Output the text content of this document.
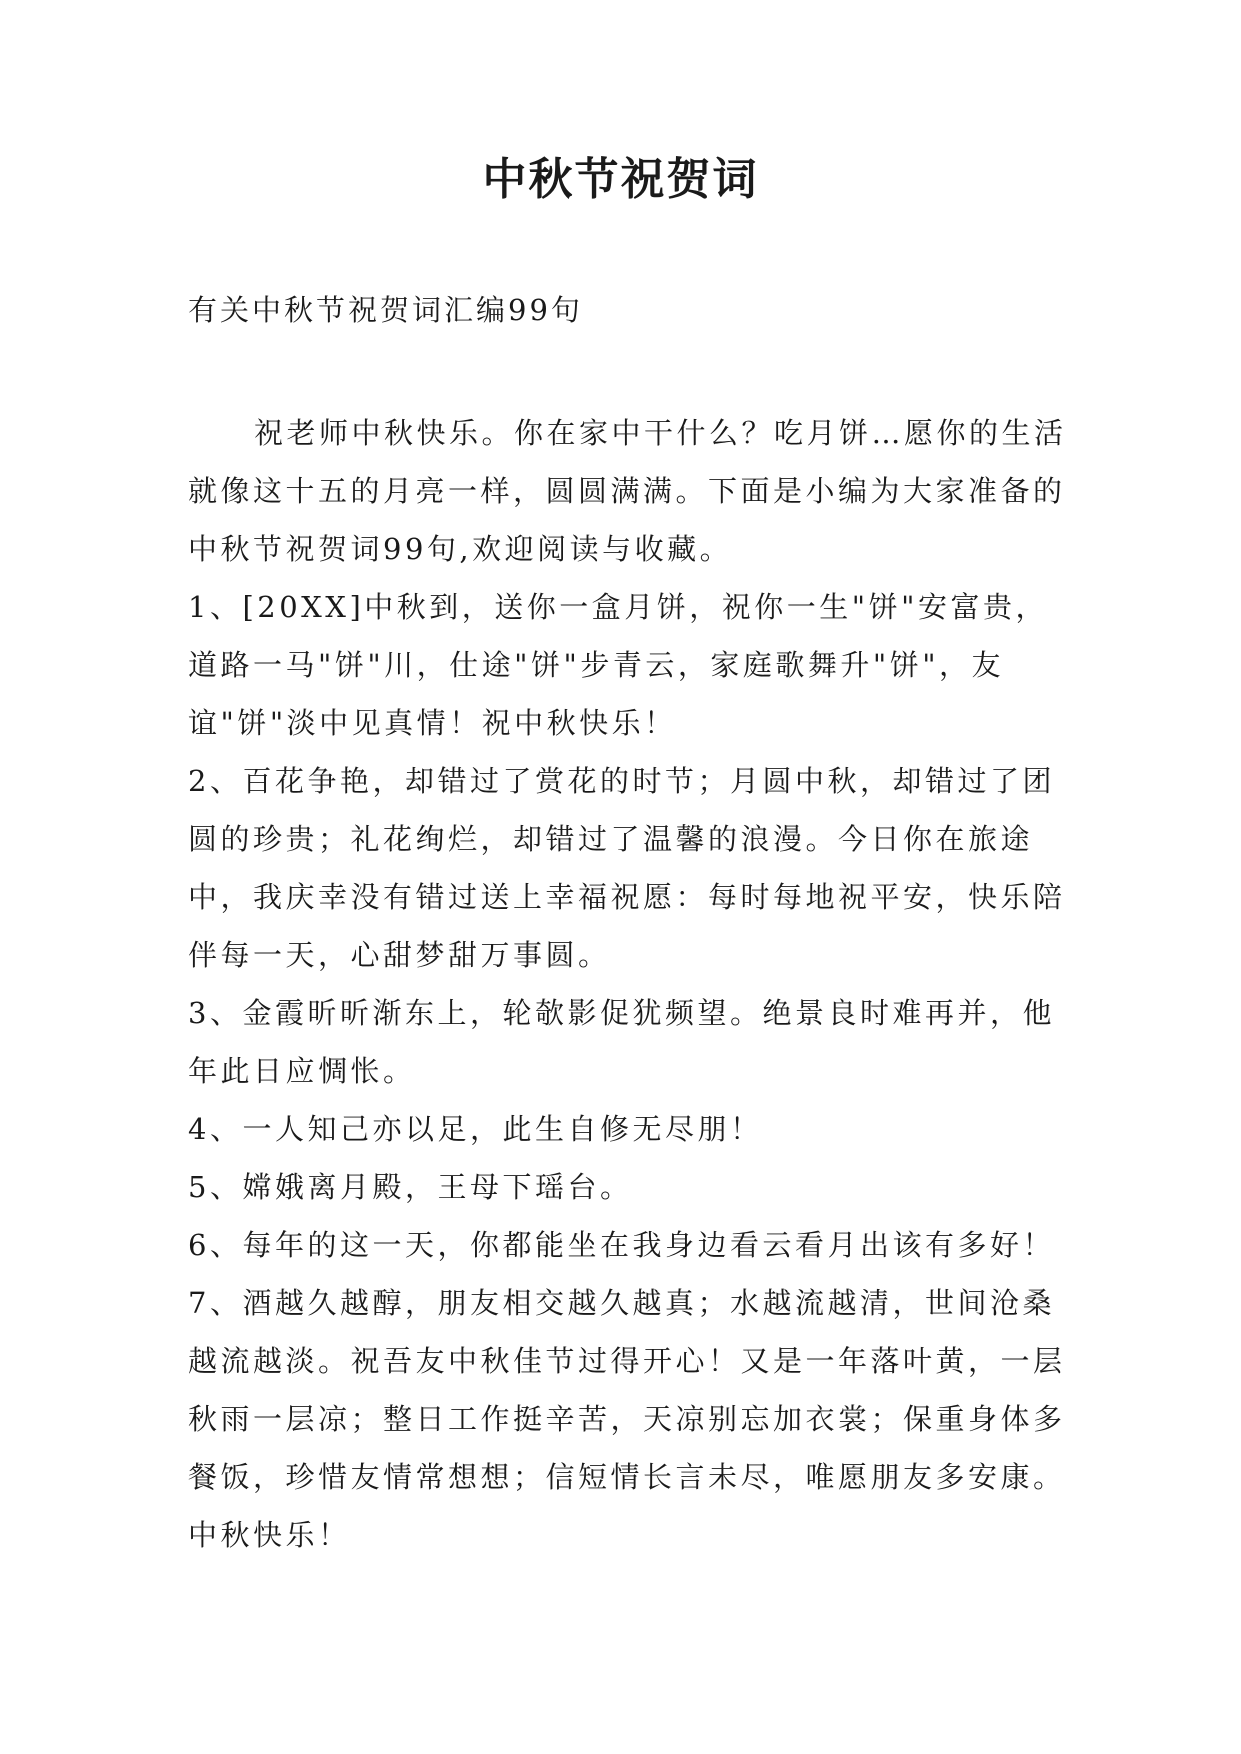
中秋节祝贺词

有关中秋节祝贺词汇编99句

祝老师中秋快乐。你在家中干什么？吃月饼…愿你的生活就像这十五的月亮一样，圆圆满满。下面是小编为大家准备的中秋节祝贺词99句,欢迎阅读与收藏。

1、[20XX]中秋到，送你一盒月饼，祝你一生"饼"安富贵，道路一马"饼"川，仕途"饼"步青云，家庭歌舞升"饼"，友谊"饼"淡中见真情！祝中秋快乐！

2、百花争艳，却错过了赏花的时节；月圆中秋，却错过了团圆的珍贵；礼花绚烂，却错过了温馨的浪漫。今日你在旅途中，我庆幸没有错过送上幸福祝愿：每时每地祝平安，快乐陪伴每一天，心甜梦甜万事圆。

3、金霞昕昕渐东上，轮欹影促犹频望。绝景良时难再并，他年此日应惆怅。

4、一人知己亦以足，此生自修无尽朋！

5、嫦娥离月殿，王母下瑶台。

6、每年的这一天，你都能坐在我身边看云看月出该有多好！

7、酒越久越醇，朋友相交越久越真；水越流越清，世间沧桑越流越淡。祝吾友中秋佳节过得开心！又是一年落叶黄，一层秋雨一层凉；整日工作挺辛苦，天凉别忘加衣裳；保重身体多餐饭，珍惜友情常想想；信短情长言未尽，唯愿朋友多安康。中秋快乐！
